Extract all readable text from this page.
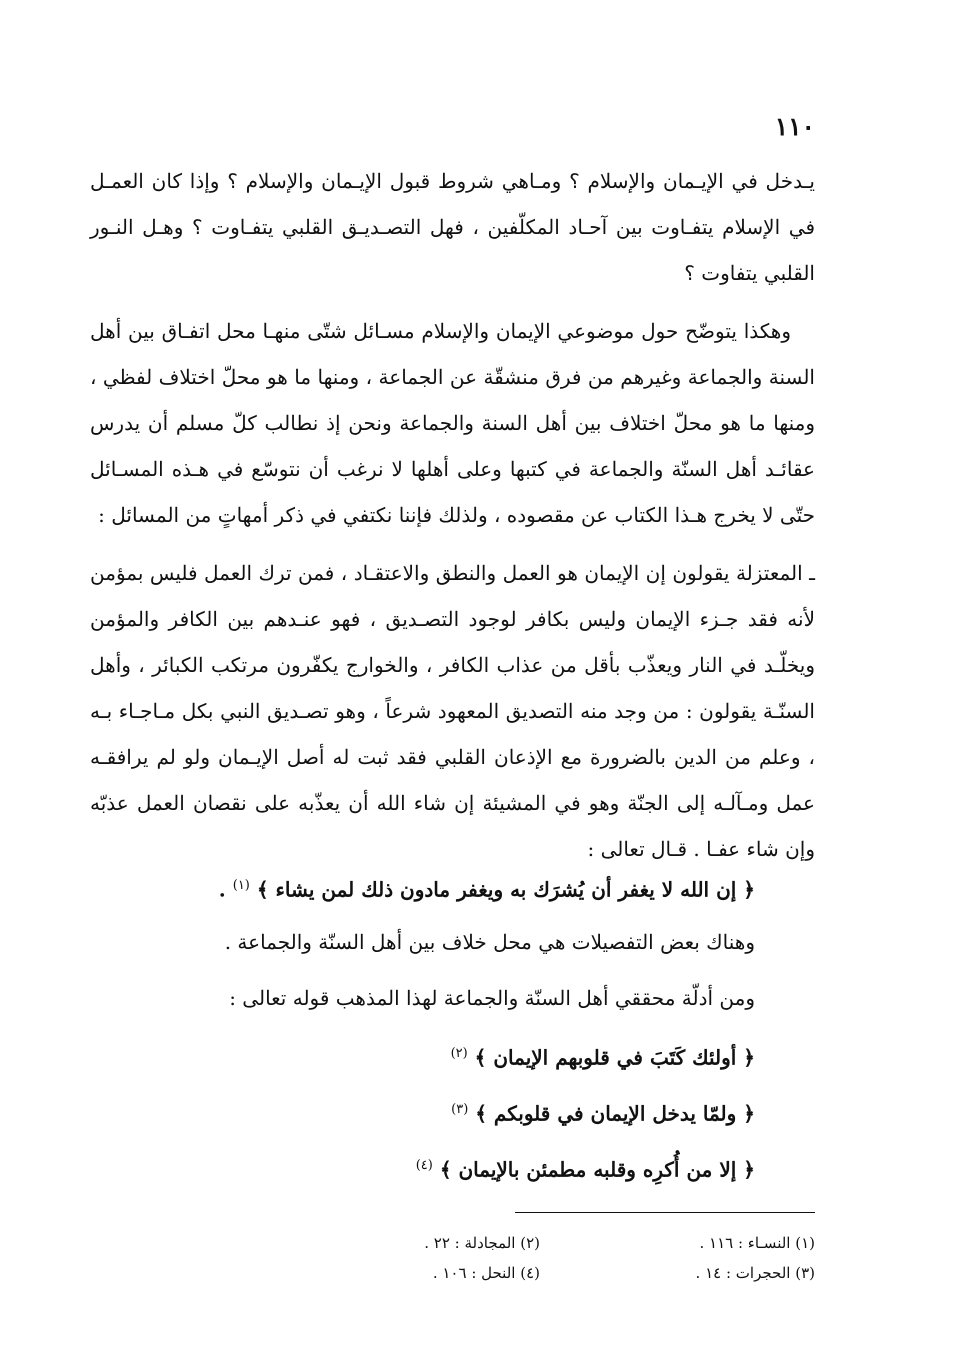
١١٠

يـدخل في الإيـمان والإسلام ؟ ومـاهي شروط قبول الإيـمان والإسلام ؟ وإذا كان العمـل في الإسلام يتفـاوت بين آحـاد المكلّفين ، فهل التصـديـق القلبي يتفـاوت ؟ وهـل النـور القلبي يتفاوت ؟

وهكذا يتوضّح حول موضوعي الإيمان والإسلام مسـائل شتّى منهـا محل اتفـاق بين أهل السنة والجماعة وغيرهم من فرق منشقّة عن الجماعة ، ومنها ما هو محلّ اختلاف لفظي ، ومنها ما هو محلّ اختلاف بين أهل السنة والجماعة ونحن إذ نطالب كلّ مسلم أن يدرس عقائـد أهل السنّة والجماعة في كتبها وعلى أهلها لا نرغب أن نتوسّع في هـذه المسـائل حتّى لا يخرج هـذا الكتاب عن مقصوده ، ولذلك فإننا نكتفي في ذكر أمهاتٍ من المسائل :

ـ المعتزلة يقولون إن الإيمان هو العمل والنطق والاعتقـاد ، فمن ترك العمل فليس بمؤمن لأنه فقد جـزء الإيمان وليس بكافر لوجود التصـديق ، فهو عنـدهم بين الكافر والمؤمن ويخلّـد في النار ويعذّب بأقل من عذاب الكافر ، والخوارج يكفّرون مرتكب الكبائر ، وأهل السنّـة يقولون : من وجد منه التصديق المعهود شرعاً ، وهو تصـديق النبي بكل مـاجـاء بـه ، وعلم من الدين بالضرورة مع الإذعان القلبي فقد ثبت له أصل الإيـمان ولو لم يرافقـه عمل ومـآلـه إلى الجنّة وهو في المشيئة إن شاء الله أن يعذّبه على نقصان العمل عذبّه وإن شاء عفـا . قـال تعالى :

﴿ إن الله لا يغفر أن يُشرَك به ويغفر مادون ذلك لمن يشاء ﴾ $^{(١)}$ .
وهناك بعض التفصيلات هي محل خلاف بين أهل السنّة والجماعة .
ومن أدلّة محققي أهل السنّة والجماعة لهذا المذهب قوله تعالى :
﴿ أولئك كَتَبَ في قلوبهم الإيمان ﴾ $^{(٢)}$
﴿ ولمّا يدخل الإيمان في قلوبكم ﴾ $^{(٣)}$
﴿ إلا من أُكرِه وقلبه مطمئن بالإيمان ﴾ $^{(٤)}$
(١) النسـاء : ١١٦ .
(٢) المجادلة : ٢٢ .
(٣) الحجرات : ١٤ .
(٤) النحل : ١٠٦ .
